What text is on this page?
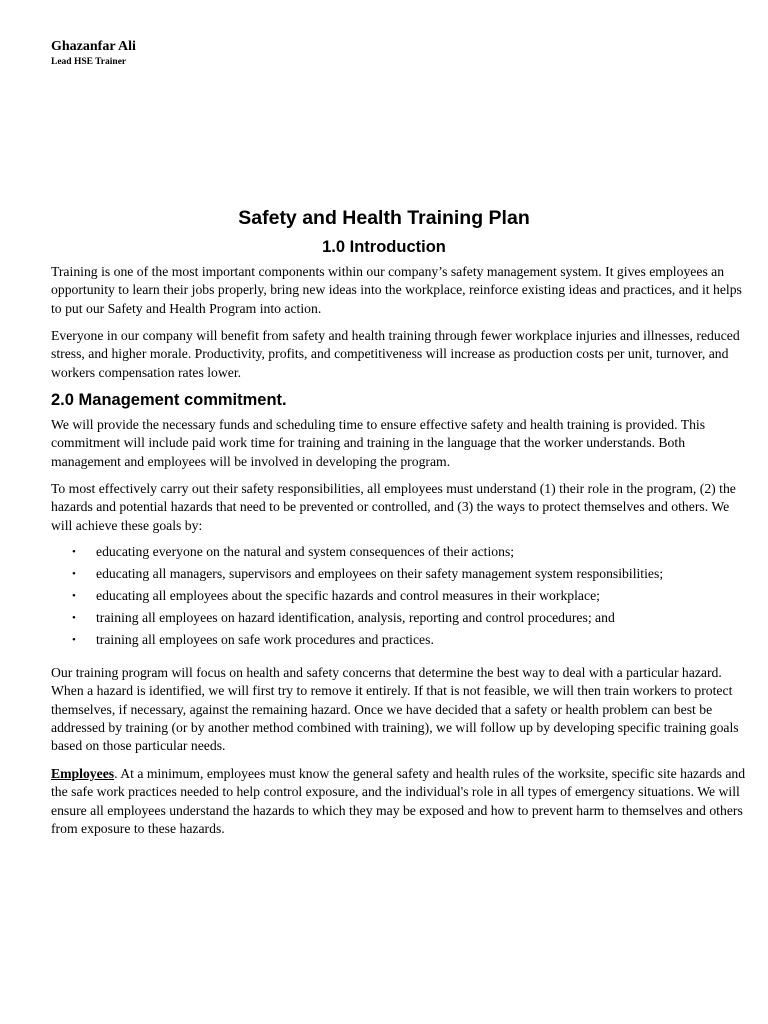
Ghazanfar Ali
Lead HSE Trainer
Safety and Health Training Plan
1.0 Introduction

Training is one of the most important components within our company’s safety management system. It gives employees an opportunity to learn their jobs properly, bring new ideas into the workplace, reinforce existing ideas and practices, and it helps to put our Safety and Health Program into action.

Everyone in our company will benefit from safety and health training through fewer workplace injuries and illnesses, reduced stress, and higher morale. Productivity, profits, and competitiveness will increase as production costs per unit, turnover, and workers compensation rates lower.

2.0 Management commitment.

We will provide the necessary funds and scheduling time to ensure effective safety and health training is provided. This commitment will include paid work time for training and training in the language that the worker understands. Both management and employees will be involved in developing the program.

To most effectively carry out their safety responsibilities, all employees must understand (1) their role in the program, (2) the hazards and potential hazards that need to be prevented or controlled, and (3) the ways to protect themselves and others. We will achieve these goals by:

• educating everyone on the natural and system consequences of their actions;
• educating all managers, supervisors and employees on their safety management system responsibilities;
• educating all employees about the specific hazards and control measures in their workplace;
• training all employees on hazard identification, analysis, reporting and control procedures; and
• training all employees on safe work procedures and practices.

Our training program will focus on health and safety concerns that determine the best way to deal with a particular hazard. When a hazard is identified, we will first try to remove it entirely. If that is not feasible, we will then train workers to protect themselves, if necessary, against the remaining hazard. Once we have decided that a safety or health problem can best be addressed by training (or by another method combined with training), we will follow up by developing specific training goals based on those particular needs.

Employees. At a minimum, employees must know the general safety and health rules of the worksite, specific site hazards and the safe work practices needed to help control exposure, and the individual's role in all types of emergency situations. We will ensure all employees understand the hazards to which they may be exposed and how to prevent harm to themselves and others from exposure to these hazards.
